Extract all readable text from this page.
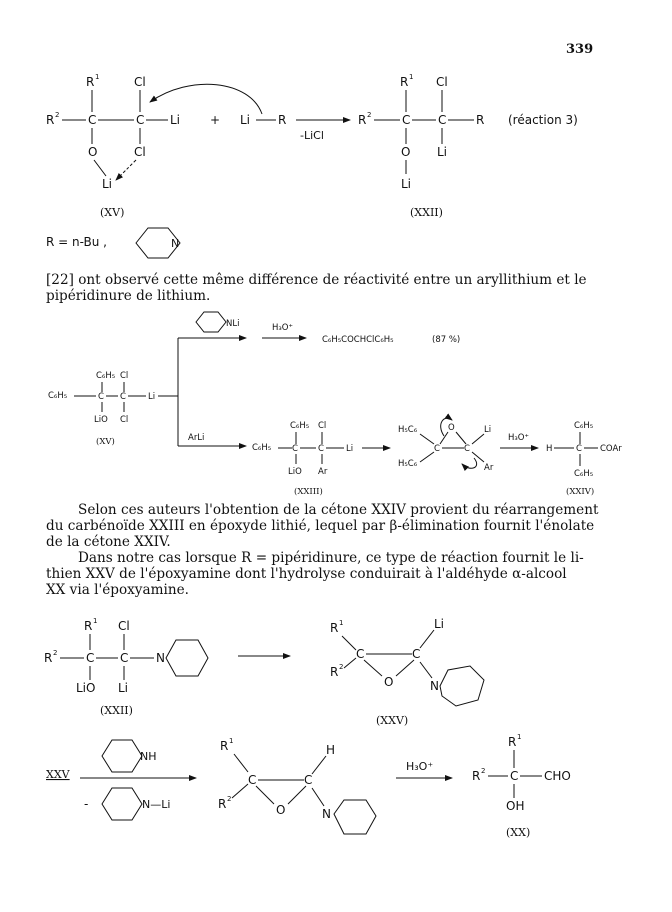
339
R 1	Cl
R 2 C	C Li
O	Cl
Li
+ Li R
-LiCl
R 1 Cl
R 2	C C R
O Li
Li
(réaction 3)
(XV)	(XXII)
R = n-Bu ,	N
C₆H₅ Cl
C₆H₅	C C	Li
LiO Cl
(XV)
NLi
ArLi
H₃O⁺
C₆H₅COCHClC₆H₅	(87 %)
C₆H₅ Cl
C₆H₅ C C	Li
LiO Ar
(XXIII)
H₅C₆
H₅C₆
C	C
O	Li
Ar
H₃O⁺
C₆H₅
H	C COAr
C₆H₅
(XXIV)
R 1 Cl
R 2 C C N
LiO Li
(XXII)
R 1
R 2
C	C
O
Li
N
(XXV)
XXV
NH
-	N—Li
R 1
R 2
C	C
O
H
N
H₃O⁺
R 1
R 2 C CHO
OH
(XX)
[22] ont observé cette même différence de réactivité entre un aryllithium et le
pipéridinure de lithium.
Selon ces auteurs l'obtention de la cétone XXIV provient du réarrangement
du carbénoïde XXIII en époxyde lithié, lequel par β-élimination fournit l'énolate
de la cétone XXIV.
Dans notre cas lorsque R = pipéridinure, ce type de réaction fournit le li-
thien XXV de l'époxyamine dont l'hydrolyse conduirait à l'aldéhyde α-alcool
XX via l'époxyamine.
